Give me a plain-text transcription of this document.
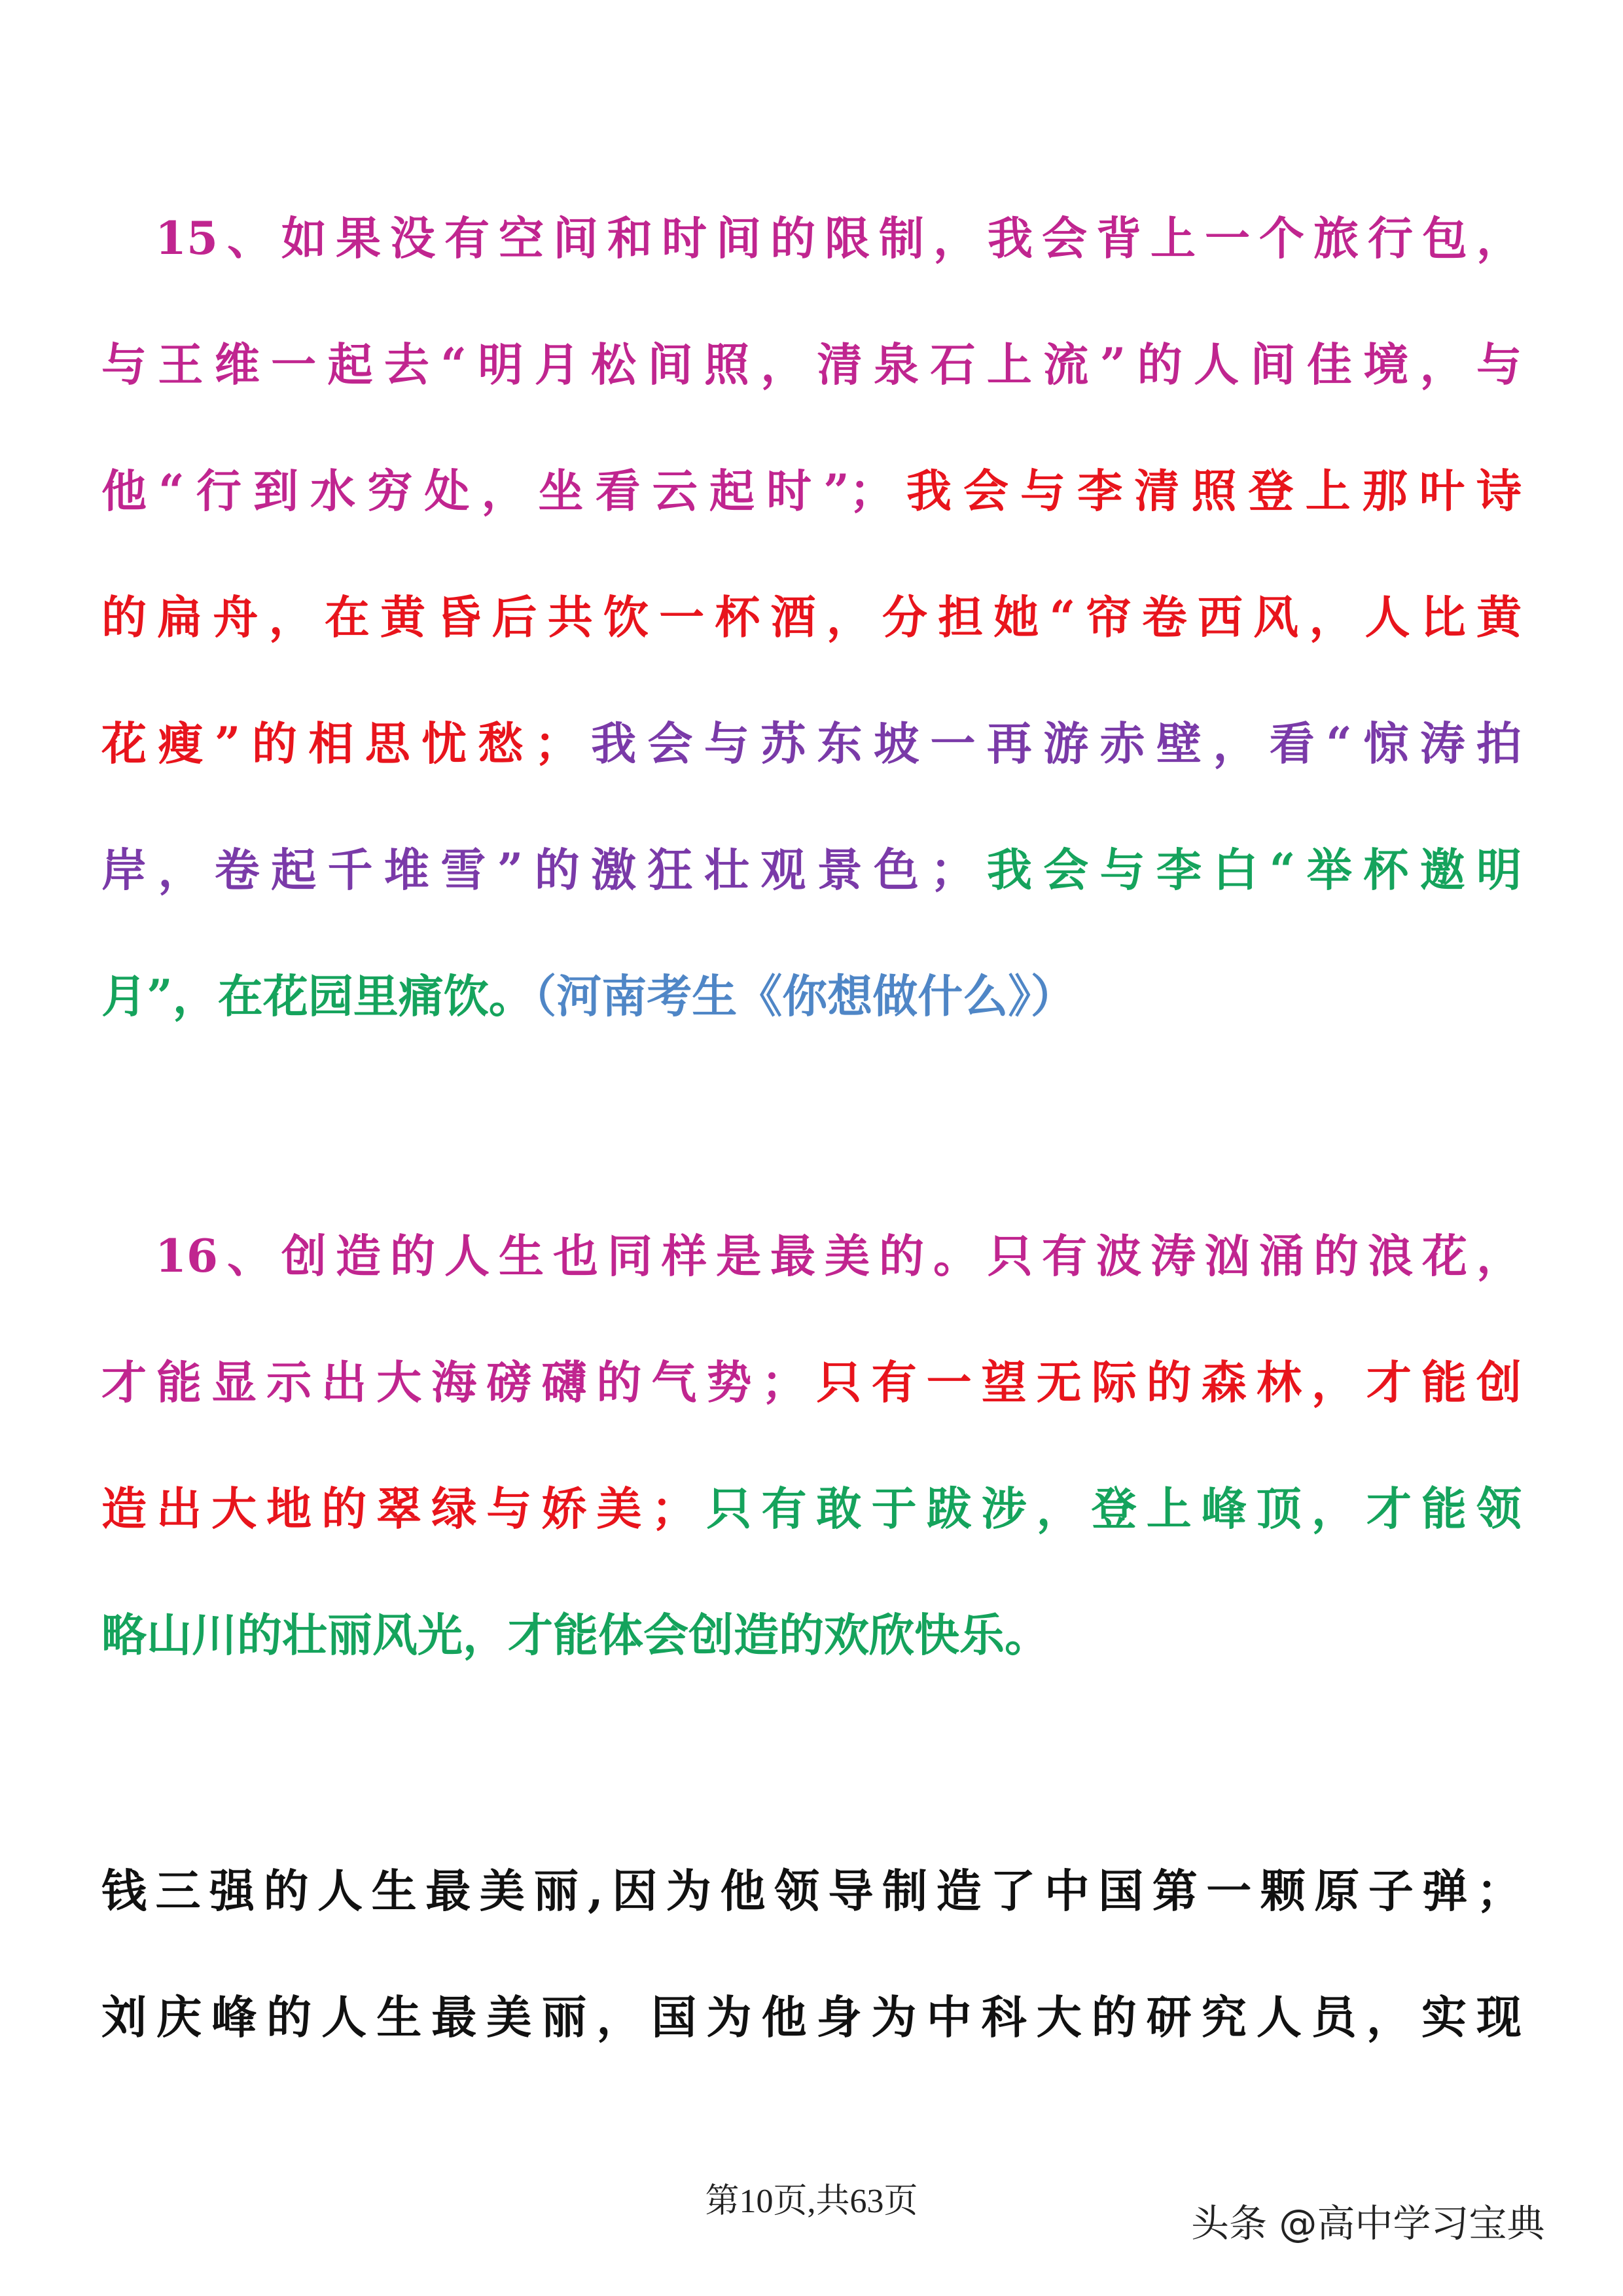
15、如果没有空间和时间的限制，我会背上一个旅行包，
与王维一起去“明月松间照，清泉石上流”的人间佳境，与
他“行到水穷处，坐看云起时”；我会与李清照登上那叶诗
的扁舟，在黄昏后共饮一杯酒，分担她“帘卷西风，人比黄
花瘦”的相思忧愁；我会与苏东坡一再游赤壁，看“惊涛拍
岸，卷起千堆雪”的激狂壮观景色；我会与李白“举杯邀明
月”，在花园里痛饮。（河南考生《你想做什么》）
16、创造的人生也同样是最美的。只有波涛汹涌的浪花，
才能显示出大海磅礴的气势；只有一望无际的森林，才能创
造出大地的翠绿与娇美；只有敢于跋涉，登上峰顶，才能领
略山川的壮丽风光，才能体会创造的欢欣快乐。
钱三强的人生最美丽,因为他领导制造了中国第一颗原子弹；
刘庆峰的人生最美丽，国为他身为中科大的研究人员，实现
第10页,共63页	头条 @高中学习宝典
